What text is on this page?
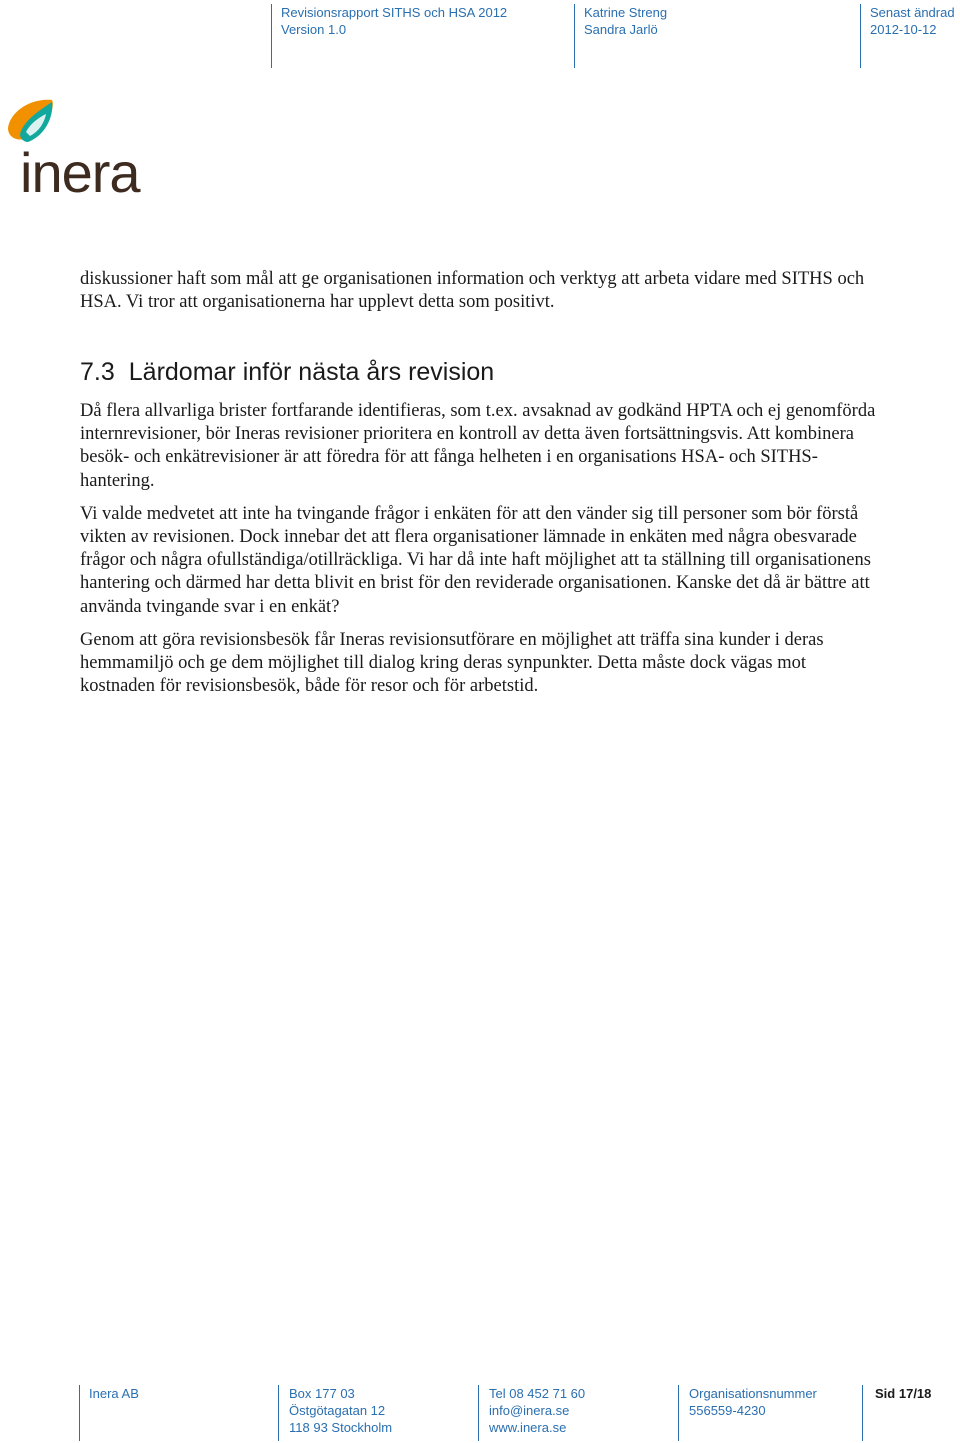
Revisionsrapport SITHS och HSA 2012
Version 1.0
Katrine Streng
Sandra Jarlö
Senast ändrad
2012-10-12
inera

diskussioner haft som mål att ge organisationen information och verktyg att arbeta vidare med SITHS och HSA. Vi tror att organisationerna har upplevt detta som positivt.

7.3 Lärdomar inför nästa års revision

Då flera allvarliga brister fortfarande identifieras, som t.ex. avsaknad av godkänd HPTA och ej genomförda internrevisioner, bör Ineras revisioner prioritera en kontroll av detta även fortsättningsvis. Att kombinera besök- och enkätrevisioner är att föredra för att fånga helheten i en organisations HSA- och SITHS-hantering.

Vi valde medvetet att inte ha tvingande frågor i enkäten för att den vänder sig till personer som bör förstå vikten av revisionen. Dock innebar det att flera organisationer lämnade in enkäten med några obesvarade frågor och några ofullständiga/otillräckliga. Vi har då inte haft möjlighet att ta ställning till organisationens hantering och därmed har detta blivit en brist för den reviderade organisationen. Kanske det då är bättre att använda tvingande svar i en enkät?

Genom att göra revisionsbesök får Ineras revisionsutförare en möjlighet att träffa sina kunder i deras hemmamiljö och ge dem möjlighet till dialog kring deras synpunkter. Detta måste dock vägas mot kostnaden för revisionsbesök, både för resor och för arbetstid.

Inera AB	Box 177 03
Östgötagatan 12
118 93 Stockholm
Tel 08 452 71 60
info@inera.se
www.inera.se
Organisationsnummer
556559-4230
Sid 17/18
